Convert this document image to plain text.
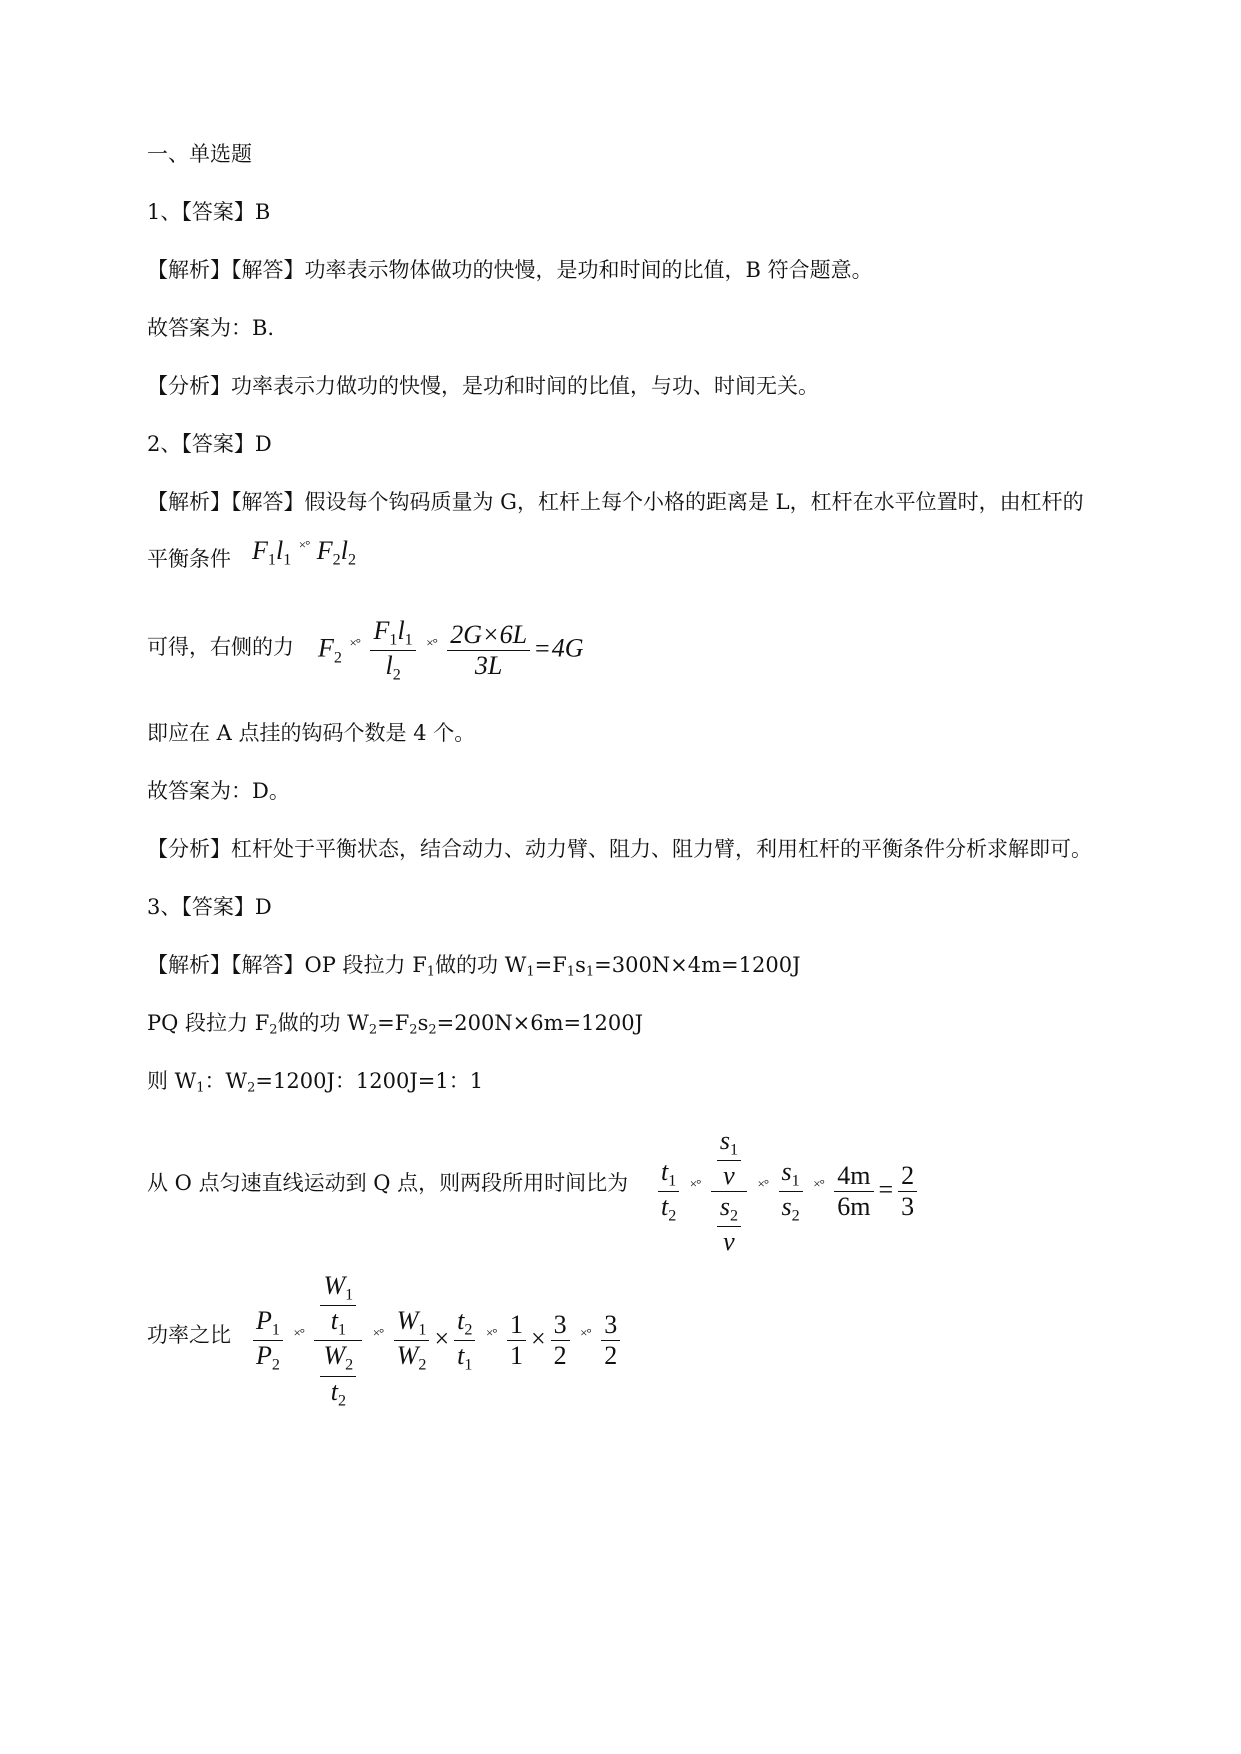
一、单选题
1、【答案】B
【解析】【解答】功率表示物体做功的快慢，是功和时间的比值，B 符合题意。
故答案为：B.
【分析】功率表示力做功的快慢，是功和时间的比值，与功、时间无关。
2、【答案】D
【解析】【解答】假设每个钩码质量为 G，杠杆上每个小格的距离是 L，杠杆在水平位置时，由杠杆的
平衡条件 $F_1l_1$ ×° $F_2l_2$
可得，右侧的力 $F_2$ $^{\times^\circ} \frac{F_1l_1}{l_2} ^{\times^\circ} \frac{2G\times 6L}{3L} =4G$
即应在 A 点挂的钩码个数是 4 个。
故答案为：D。
【分析】杠杆处于平衡状态，结合动力、动力臂、阻力、阻力臂，利用杠杆的平衡条件分析求解即可。
3、【答案】D
【解析】【解答】OP 段拉力 $F_1$做的功 $W_1=F_1s_1=300N\times 4m=1200J$
PQ 段拉力 $F_2$做的功 $W_2=F_2s_2=200N\times 6m=1200J$
则 $W_1$：$W_2=1200J$：1200J=1：1
从 O 点匀速直线运动到 Q 点，则两段所用时间比为 $\frac{t_1}{t_2} ^{\times^\circ} \frac{\frac{s_1}{v}}{\frac{s_2}{v}} ^{\times^\circ} \frac{s_1}{s_2} ^{\times^\circ} \frac{4m}{6m} = \frac{2}{3}$
功率之比 $\frac{P_1}{P_2} ^{\times^\circ} \frac{\frac{W_1}{t_1}}{\frac{W_2}{t_2}} ^{\times^\circ} \frac{W_1}{W_2} \times \frac{t_2}{t_1} ^{\times^\circ} \frac{1}{1} \times \frac{3}{2} ^{\times^\circ} \frac{3}{2}$
